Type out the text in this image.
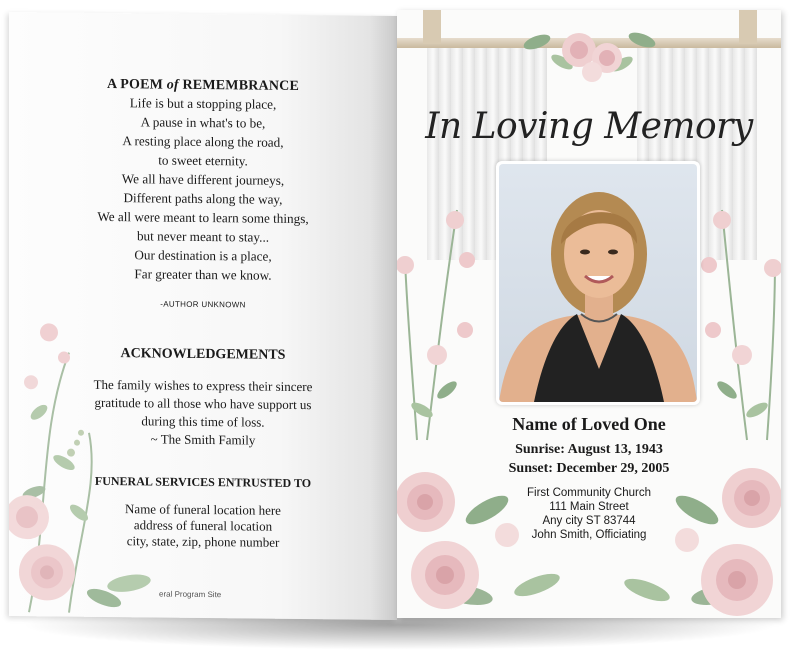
A POEM of REMEMBRANCE

Life is but a stopping place,

A pause in what's to be,

A resting place along the road,

to sweet eternity.

We all have different journeys,

Different paths along the way,

We all were meant to learn some things,

but never meant to stay...

Our destination is a place,

Far greater than we know.

-AUTHOR UNKNOWN

ACKNOWLEDGEMENTS

The family wishes to express their sincere

gratitude to all those who have support us

during this time of loss.

~ The Smith Family

FUNERAL SERVICES ENTRUSTED TO

Name of funeral location here

address of funeral location

city, state, zip, phone number

eral Program Site
In Loving Memory

Name of Loved One

Sunrise: August 13, 1943
Sunset: December 29, 2005
First Community Church
111 Main Street
Any city ST 83744
John Smith, Officiating
